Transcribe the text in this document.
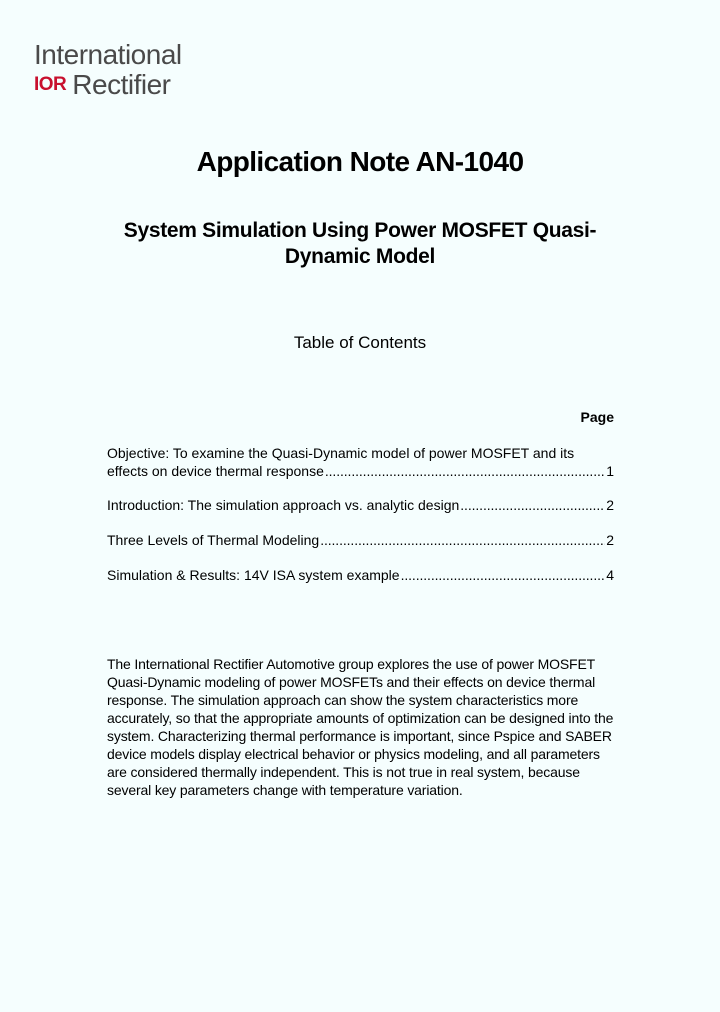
International
IOR Rectifier
Application Note AN-1040
System Simulation Using Power MOSFET Quasi-Dynamic Model
Table of Contents
Page
Objective: To examine the Quasi-Dynamic model of power MOSFET and its
effects on device thermal response . . .	1
Introduction: The simulation approach vs. analytic design . . .	2
Three Levels of Thermal Modeling . . .	2
Simulation & Results: 14V ISA system example . . .	4
The International Rectifier Automotive group explores the use of power MOSFET Quasi-Dynamic modeling of power MOSFETs and their effects on device thermal response. The simulation approach can show the system characteristics more accurately, so that the appropriate amounts of optimization can be designed into the system. Characterizing thermal performance is important, since Pspice and SABER device models display electrical behavior or physics modeling, and all parameters are considered thermally independent. This is not true in real system, because several key parameters change with temperature variation.
